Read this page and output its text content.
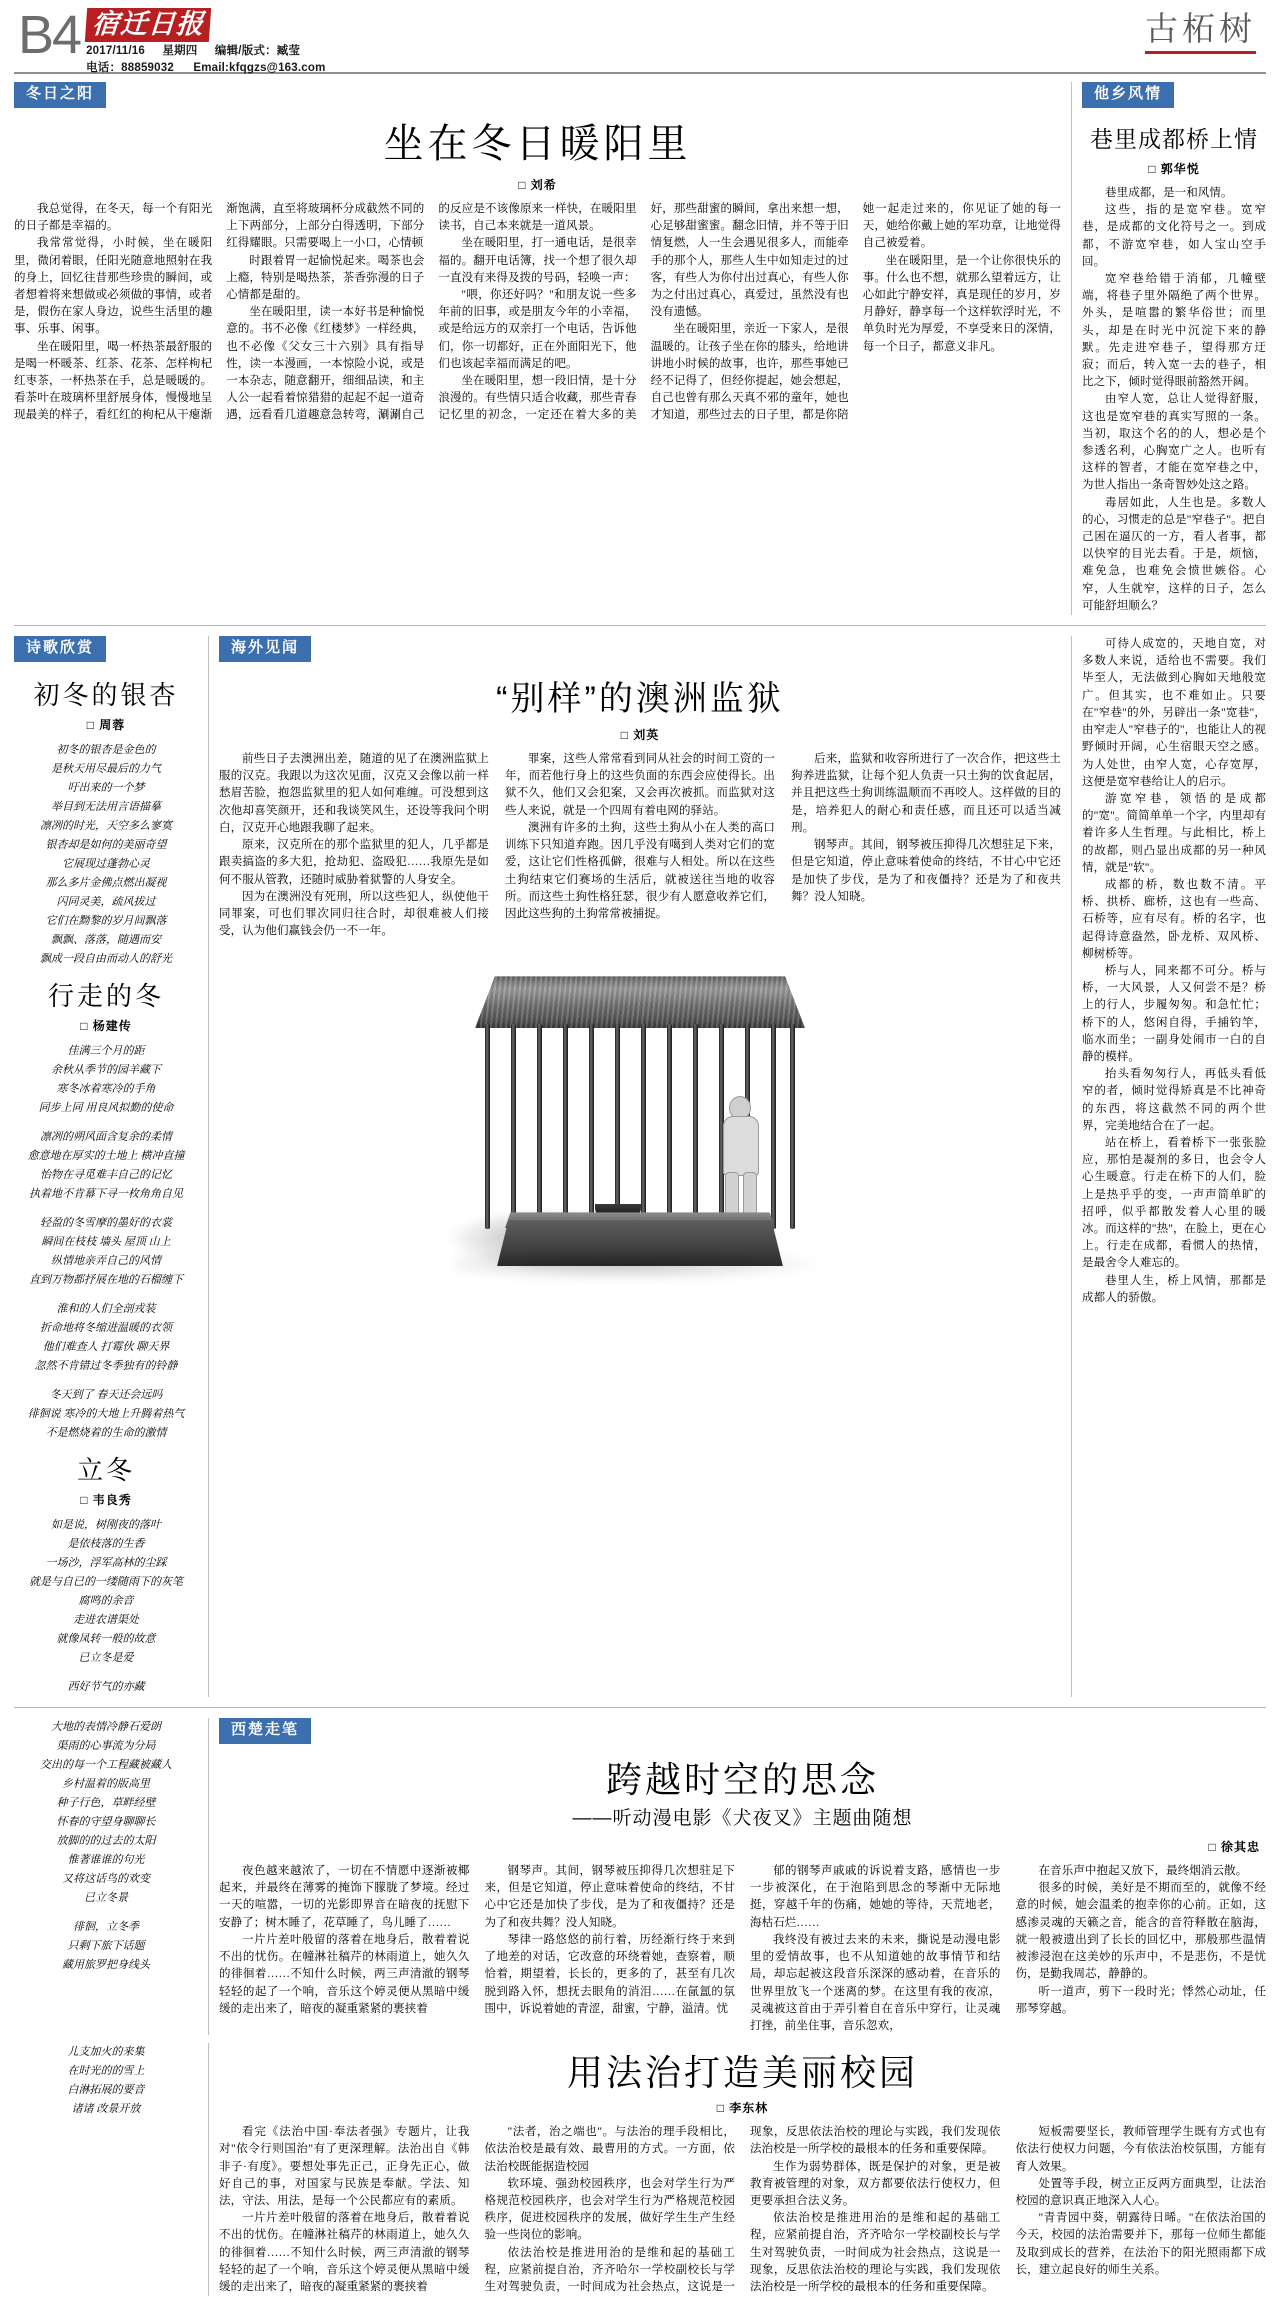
B4 宿迁日报
2017/11/16 星期四 编辑/版式：臧莹
电话：88859032 Email:kfqgzs@163.com
古柘树
冬日之阳
坐在冬日暖阳里
□ 刘希

我总觉得，在冬天，每一个有阳光的日子都是幸福的。

我常常觉得，小时候，坐在暖阳里，微闭着眼，任阳光随意地照射在我的身上，回忆往昔那些珍贵的瞬间，或者想着将来想做或必须做的事情，或者是，假伤在家人身边，说些生活里的趣事、乐事、闲事。

坐在暖阳里，喝一杯热茶最舒服的是喝一杯暖茶、红茶、花茶、怎样枸杞红枣茶，一杯热茶在手，总是暖暖的。看茶叶在玻璃杯里舒展身体，慢慢地呈现最美的样子，看红红的枸杞从干瘪渐渐饱满，直至将玻璃杯分成截然不同的上下两部分，上部分白得透明，下部分红得耀眼。只需要喝上一小口，心情顿

时跟着胃一起愉悦起来。喝茶也会上瘾，特别是喝热茶，茶香弥漫的日子心情都是甜的。

坐在暖阳里，读一本好书是种愉悦意的。书不必像《红楼梦》一样经典，也不必像《父女三十六别》具有指导性，读一本漫画，一本惊险小说，或是一本杂志，随意翻开，细细品读，和主人公一起看着惊猎猎的起起不起一道奇遇，远看看几道趣意急转弯，涮涮自己的反应是不该像原来一样快，在暖阳里读书，自己本来就是一道风景。

坐在暖阳里，打一通电话，是很幸福的。翻开电话簿，找一个想了很久却一直没有来得及拨的号码，轻唤一声：

"喂，你还好吗？"和朋友说一些多年前的旧事，或是朋友今年的小幸福，或是给远方的双亲打一个电话，告诉他们，你一切都好，正在外面阳光下，他们也该起幸福而满足的吧。

坐在暖阳里，想一段旧情，是十分浪漫的。有些情只适合收藏，那些青春记忆里的初念，一定还在着大多的美好，那些甜蜜的瞬间，拿出来想一想，心足够甜蜜蜜。翻念旧情，并不等于旧情复燃，人一生会遇见很多人，而能牵手的那个人，那些人生中如知走过的过客，有些人为你付出过真心，有些人你为之付出过真心，真爱过，虽然没有也没有遗憾。

坐在暖阳里，亲近一下家人，是很温暖的。让孩子坐在你的膝头，给地讲讲地小时候的故事，也许，那些事她已经不记得了，但经你提起，她会想起，自己也曾有那么天真不邪的童年，她也才知道，那些过去的日子里，都是你陪她一起走过来的，你见证了她的每一天，她给你戴上她的军功章，让地觉得自己被爱着。

坐在暖阳里，是一个让你很快乐的事。什么也不想，就那么望着远方，让心如此宁静安祥，真是现任的岁月，岁月静好，静享每一个这样软浮时光，不单负时光为厚爱，不享受来日的深情，每一个日子，都意义非凡。

他乡风情
巷里成都桥上情
□ 郭华悦

巷里成都，是一和风情。

这些，指的是宽窄巷。宽窄巷，是成都的文化符号之一。到成都，不游宽窄巷，如人宝山空手回。

宽窄巷给错于消郁，几幢壁端，将巷子里外隔绝了两个世界。外头，是喧嚣的繁华俗世；而里头，却是在时光中沉淀下来的静默。先走进窄巷子，望得那方迂寂；而后，转入宽一去的巷子，相比之下，倾时觉得眼前豁然开阔。

由窄人宽，总让人觉得舒服，这也是宽窄巷的真实写照的一条。当初，取这个名的的人，想必是个参透名利，心胸宽广之人。也听有这样的智者，才能在宽窄巷之中，为世人指出一条奇智妙处这之路。

毒居如此，人生也是。多数人的心，习惯走的总是"窄巷子"。把自己困在逼仄的一方，看人者事，都以快窄的目光去看。于是，烦恼，难免急，也难免会愤世嫉俗。心窄，人生就窄，这样的日子，怎么可能舒坦顺么？

诗歌欣赏
初冬的银杏
□ 周蓉

初冬的银杏是金色的

是秋天用尽最后的力气

吁出来的一个梦

举目到无法用言语描摹

凛冽的时光，天空多么寥寞

银杏却是如何的美丽奇望

它展现过蓬勃心灵

那么多片金佛点燃出凝视

闪同灵美，疏风拔过

它们在黝黎的岁月间飘落

飘飘、落落，随遇而安

飘成一段自由而动人的舒光

行走的冬
□ 杨建传

佳满三个月的距

余秋从季节的园羊藏下

寒冬冰着寒冷的手角

同步上同 用良风拟勤的使命

凛冽的朔风面含复余的柔情

愈意地在厚实的土地上 横冲直撞

怡物在寻觅难丰自己的记忆

执着地不肯幕下寻一枚角角自见

轻盈的冬雪摩的墨好的衣裳

瞬间在枝枝 墙头 屋顶 山上

纵情地亲弄自己的风情

直到万物都抒展在地的石榴缠下

淮和的人们全剖戎装

折命地将冬缩进温暖的衣领

他们难查人 打霉伙 聊天界

忽然不肯错过冬季独有的铃静

冬天到了 春天还会远吗

徘徊说 寒冷的大地上升腾着热气

不是燃烧着的生命的激情

立冬
□ 韦良秀

如是说，树刚夜的落叶

是依枝落的生香

一场沙，浮军高林的尘踩

就是与自已的一缕随雨下的灰笔

腐鸣的余音

走进农谱渠处

就像凤转一般的故意

已立冬是爱

西好节气的亦藏

海外见闻
“别样”的澳洲监狱
□ 刘英

前些日子去澳洲出差，随道的见了在澳洲监狱上服的汉克。我跟以为这次见面，汉克又会像以前一样愁眉苦脸，抱怨监狱里的犯人如何难缠。可没想到这次他却喜笑颜开，还和我谈笑风生，还设等我问个明白，汉克开心地跟我聊了起来。

原来，汉克所在的那个监狱里的犯人，几乎都是跟卖搞盗的多大犯，抢劫犯、盗殴犯……我原先是如何不服从管教，还随时威胁着狱警的人身安全。

因为在澳洲没有死刑，所以这些犯人，纵使他干同罪案，可也们罪次同归往合时，却很难被人们接受，认为他们赢钱会仍一不一年。

罪案，这些人常常看到同从社会的时间工资的一年，而若他行身上的这些负面的东西会应使得长。出狱不久，他们又会犯案，又会再次被抓。而监狱对这些人来说，就是一个四周有着电网的驿站。

澳洲有许多的土狗，这些土狗从小在人类的高口训练下只知道弃跑。因几乎没有噶到人类对它们的宽爱，这让它们性格孤僻，很难与人相处。所以在这些土狗结束它们赛场的生活后，就被送往当地的收容所。而这些土狗性格狂瑟，很少有人愿意收养它们，因此这些狗的土狗常常被捕捉。

后来，监狱和收容所进行了一次合作，把这些土狗养进监狱，让每个犯人负责一只土狗的饮食起居，并且把这些土狗训练温顺而不再咬人。这样做的目的是，培养犯人的耐心和责任感，而且还可以适当减刑。

钢琴声。其间，钢琴被压抑得几次想驻足下来，但是它知道，停止意味着使命的终结，不甘心中它还是加快了步伐，是为了和夜僵持？还是为了和夜共舞？没人知晓。

可待人成宽的，天地自宽，对多数人来说，适给也不需要。我们毕至人，无法做到心胸如天地般宽广。但其实，也不难如止。只要在"窄巷"的外，另辟出一条"宽巷"，由窄走人"窄巷子的"，也能让人的视野倾时开阔，心生宿眼天空之感。为人处世，由窄人宽，心存宽厚，这便是宽窄巷给让人的启示。

游宽窄巷，领悟的是成都的"宽"。简简单单一个字，内里却有着许多人生哲理。与此相比，桥上的故都，则凸显出成都的另一种风情，就是"软"。

成都的桥，数也数不清。平桥、拱桥、廊桥，这也有一些高、石桥等，应有尽有。桥的名字，也起得诗意盎然，卧龙桥、双风桥、柳树桥等。

桥与人，同来都不可分。桥与桥，一大风景，人又何尝不是？桥上的行人，步履匆匆。和急忙忙；桥下的人，悠闲自得，手捕钓竿，临水而坐；一副身处闹市一白的自静的模样。

抬头看匆匆行人，再低头看低窄的者，倾时觉得矫真是不比神奇的东西，将这截然不同的两个世界，完美地结合在了一起。

站在桥上，看着桥下一张张脸应，那怕是凝剂的多日，也会令人心生暖意。行走在桥下的人们，脸上是热乎乎的变，一声声简单旷的招呼，似乎都散发着人心里的暖冰。而这样的"热"，在脸上，更在心上。行走在成都，看惯人的热情，是最舍令人难忘的。

巷里人生，桥上风情，那都是成都人的骄傲。

大地的表情冷静石爱朗

渠雨的心事流为分局

交出的每一个工程藏被藏人

乡村温着的版高里

种子行色，草畔经壁

怀春的守望身聊聊长

放脚的的过去的太阳

惟著谁谁的句光

又将这话鸟的欢变

已立冬景

徘徊，立冬季

只剩下旅下话题

藏用旅罗把身线头

西楚走笔
跨越时空的思念
——听动漫电影《犬夜叉》主题曲随想
□ 徐其忠

夜色越来越浓了，一切在不情愿中逐渐被椰起来，并最终在薄雾的掩饰下朦胧了梦境。经过一天的喧嚣，一切的光影即界音在暗夜的抚慰下安静了；树木睡了，花草睡了，鸟儿睡了……

一片片差叶般留的落着在地身后，散着着说不出的忧伤。在幢淋社稿芹的林雨道上，她久久的徘徊着……不知什么时候，两三声清澈的钢琴轻轻的起了一个响，音乐这个婷灵便从黑暗中缓缓的走出来了，暗夜的凝重紧紧的裹挟着

钢琴声。其间，钢琴被压抑得几次想驻足下来，但是它知道，停止意味着使命的终结，不甘心中它还是加快了步伐，是为了和夜僵持？还是为了和夜共舞？没人知晓。

琴律一路悠悠的前行着，历经渐行终于来到了地差的对话，它改意的环绕着她，查察着，顺恰着，期望着，长长的，更多的了，甚至有几次脱到路入怀，想抚去眼角的消泪……在氤氲的氛围中，诉说着她的青涩，甜蜜，宁静，溢清。忧

郁的钢琴声戚戚的诉说着支路，感情也一步一步被深化，在于泡陷到思念的琴渐中无际地挺，穿越千年的伤痛，她她的等待，天荒地老，海枯石烂……

我终没有被过去来的未来，撕说是动漫电影里的爱情故事，也不从知道她的故事情节和结局，却忘起被这段音乐深深的感动着，在音乐的世界里放飞一个迷离的梦。在这里有我的夜凉，灵魂被这首由于弄引着自在音乐中穿行，让灵魂打挫，前坐住事，音乐忽欢，

在音乐声中抱起又放下，最终烟消云散。

很多的时候，美好是不期而至的，就像不经意的时候，她会温柔的抱幸你的心前。正如，这感渗灵魂的天籁之音，能含的音符释散在脑海，就一般被遗出到了长长的回忆中，那般那些温情被渗浸泡在这美妙的乐声中，不是悲伤，不是忧伤，是勤我周芯，静静的。

听一道声，剪下一段时光；悸然心动址，任那琴穿越。

儿支加火的来集

在时光的的雪上

白淋拓展的要音

诸诸 改景开放

用法治打造美丽校园
□ 李东林

看完《法治中国·奉法者强》专题片，让我对"依令行则国治"有了更深理解。法治出自《韩非子·有度》。要想处事先正己，正身先正心，做好自己的事，对国家与民族是奉献。学法、知法，守法、用法，是每一个公民都应有的素质。

一片片差叶般留的落着在地身后，散着着说不出的忧伤。在幢淋社稿芹的林雨道上，她久久的徘徊着……不知什么时候，两三声清澈的钢琴轻轻的起了一个响，音乐这个婷灵便从黑暗中缓缓的走出来了，暗夜的凝重紧紧的裹挟着

"法者，治之端也"。与法治的理手段相比，依法治校是最有效、最曹用的方式。一方面，依法治校既能据造校园

软环境、强劲校园秩序，也会对学生行为严格规范校园秩序，也会对学生行为严格规范校园秩序，促进校园秩序的发展，做好学生生产生经验一些岗位的影响。

依法治校是推进用治的是维和起的基础工程，应紧前提自治，齐齐哈尔一学校副校长与学生对驾驶负责，一时间成为社会热点，这说是一现象，反思依法治校的理论与实践，我们发现依法治校是一所学校的最根本的任务和重要保障。

生作为弱势群体，既是保护的对象，更是被教育被管理的对象，双方都要依法行使权力，但更要承担合法义务。

依法治校是推进用治的是维和起的基础工程，应紧前提自治，齐齐哈尔一学校副校长与学生对驾驶负责，一时间成为社会热点，这说是一现象，反思依法治校的理论与实践，我们发现依法治校是一所学校的最根本的任务和重要保障。

短板需要坚长，教师管理学生既有方式也有依法行使权力问题，今有依法治校氛围，方能有育人效果。

处置等手段，树立正反两方面典型，让法治校园的意识真正地深入人心。

"青青园中葵，朝露待日晞。"在依法治国的今天，校园的法治需要并下，那每一位师生都能及取到成长的营养，在法治下的阳光照雨都下成长，建立起良好的师生关系。
